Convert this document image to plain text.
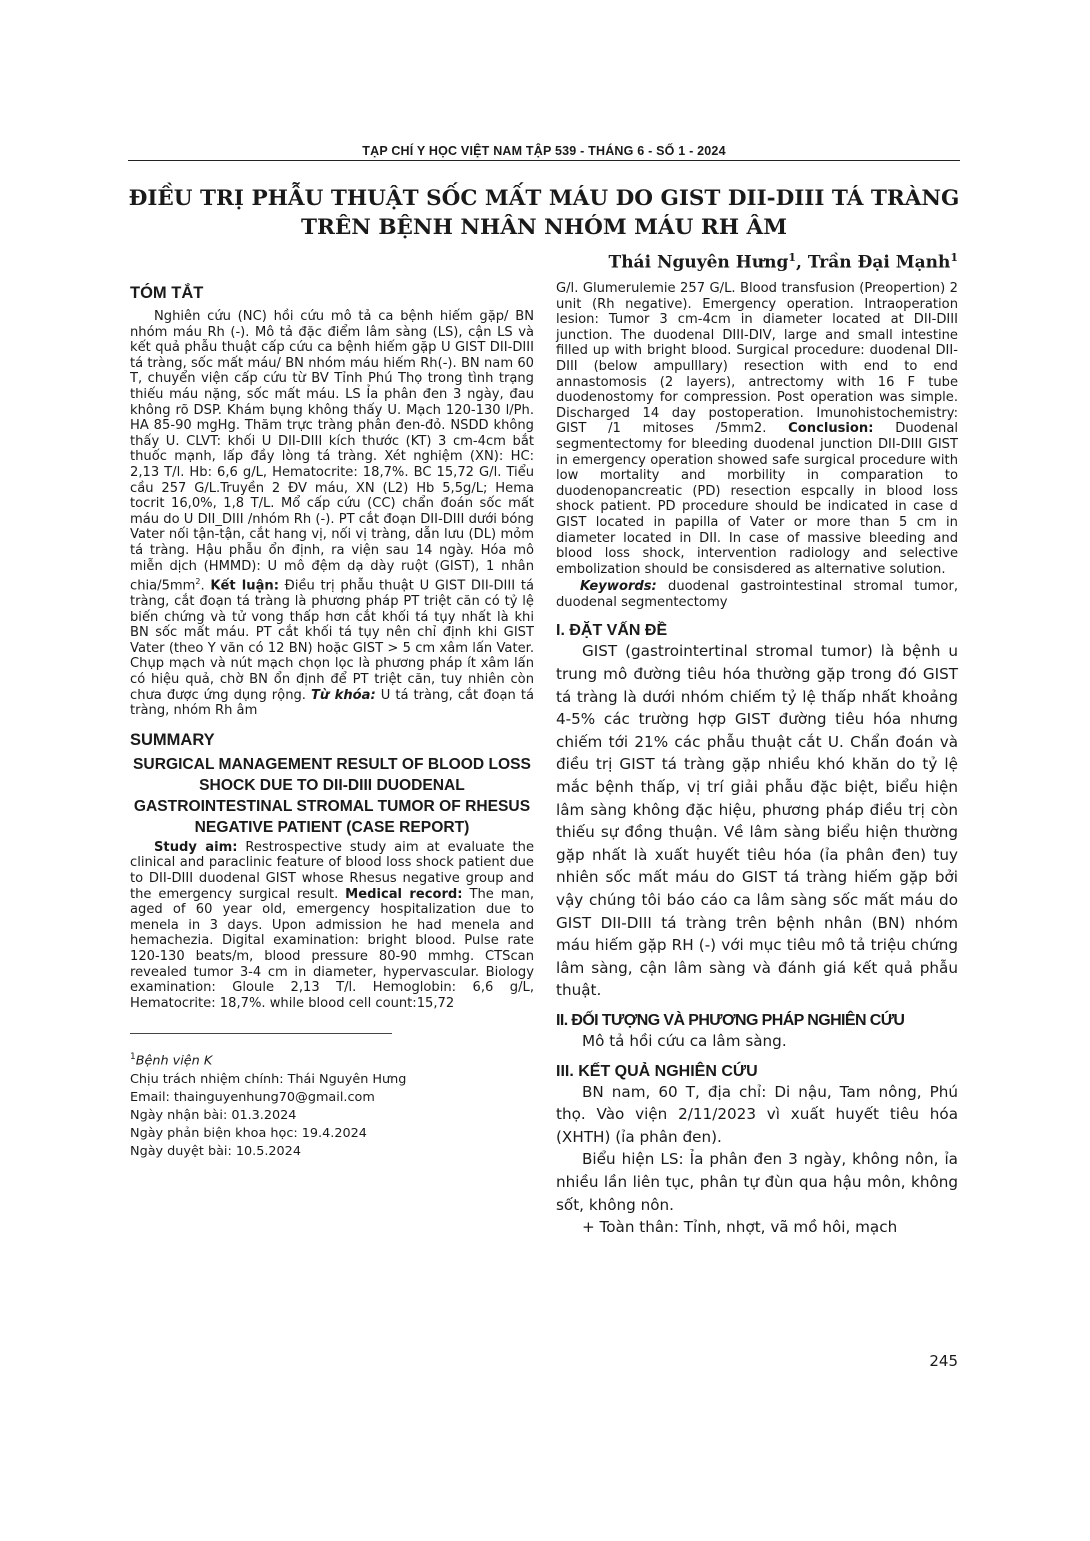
TẠP CHÍ Y HỌC VIỆT NAM TẬP 539 - THÁNG 6 - SỐ 1 - 2024
ĐIỀU TRỊ PHẪU THUẬT SỐC MẤT MÁU DO GIST DII-DIII TÁ TRÀNG
TRÊN BỆNH NHÂN NHÓM MÁU RH ÂM
Thái Nguyên Hưng$^1$, Trần Đại Mạnh$^1$
TÓM TẮT

Nghiên cứu (NC) hồi cứu mô tả ca bệnh hiếm gặp/ BN nhóm máu Rh (-). Mô tả đặc điểm lâm sàng (LS), cận LS và kết quả phẫu thuật cấp cứu ca bệnh hiếm gặp U GIST DII-DIII tá tràng, sốc mất máu/ BN nhóm máu hiếm Rh(-). BN nam 60 T, chuyển viện cấp cứu từ BV Tỉnh Phú Thọ trong tình trạng thiếu máu nặng, sốc mất máu. LS Ỉa phân đen 3 ngày, đau không rõ DSP. Khám bụng không thấy U. Mạch 120-130 l/Ph. HA 85-90 mgHg. Thăm trực tràng phân đen-đỏ. NSDD không thấy U. CLVT: khối U DII-DIII kích thước (KT) 3 cm-4cm bắt thuốc mạnh, lấp đầy lòng tá tràng. Xét nghiệm (XN): HC: 2,13 T/l. Hb: 6,6 g/L, Hematocrite: 18,7%. BC 15,72 G/l. Tiểu cầu 257 G/L.Truyền 2 ĐV máu, XN (L2) Hb 5,5g/L; Hema tocrit 16,0%, 1,8 T/L. Mổ cấp cứu (CC) chẩn đoán sốc mất máu do U DII_DIII /nhóm Rh (-). PT cắt đoạn DII-DIII dưới bóng Vater nối tận-tận, cắt hang vị, nối vị tràng, dẫn lưu (DL) mỏm tá tràng. Hậu phẫu ổn định, ra viện sau 14 ngày. Hóa mô miễn dịch (HMMD): U mô đệm dạ dày ruột (GIST), 1 nhân chia/$5mm^2$. Kết luận: Điều trị phẫu thuật U GIST DII-DIII tá tràng, cắt đoạn tá tràng là phương pháp PT triệt căn có tỷ lệ biến chứng và tử vong thấp hơn cắt khối tá tụy nhất là khi BN sốc mất máu. PT cắt khối tá tụy nên chỉ định khi GIST Vater (theo Y văn có 12 BN) hoặc GIST > 5 cm xâm lấn Vater. Chụp mạch và nút mạch chọn lọc là phương pháp ít xâm lấn có hiệu quả, chờ BN ổn định để PT triệt căn, tuy nhiên còn chưa được ứng dụng rộng. Từ khóa: U tá tràng, cắt đoạn tá tràng, nhóm Rh âm

SUMMARY
SURGICAL MANAGEMENT RESULT OF BLOOD LOSS SHOCK DUE TO DII-DIII DUODENAL GASTROINTESTINAL STROMAL TUMOR OF RHESUS NEGATIVE PATIENT (CASE REPORT)

Study aim: Restrospective study aim at evaluate the clinical and paraclinic feature of blood loss shock patient due to DII-DIII duodenal GIST whose Rhesus negative group and the emergency surgical result. Medical record: The man, aged of 60 year old, emergency hospitalization due to menela in 3 days. Upon admission he had menela and hemachezia. Digital examination: bright blood. Pulse rate 120-130 beats/m, blood pressure 80-90 mmhg. CTScan revealed tumor 3-4 cm in diameter, hypervascular. Biology examination: Gloule 2,13 T/l. Hemoglobin: 6,6 g/L, Hematocrite: 18,7%. while blood cell count:15,72

$^1$Bệnh viện K
Chịu trách nhiệm chính: Thái Nguyên Hưng
Email: thainguyenhung70@gmail.com
Ngày nhận bài: 01.3.2024
Ngày phản biện khoa học: 19.4.2024
Ngày duyệt bài: 10.5.2024

G/l. Glumerulemie 257 G/L. Blood transfusion (Preopertion) 2 unit (Rh negative). Emergency operation. Intraoperation lesion: Tumor 3 cm-4cm in diameter located at DII-DIII junction. The duodenal DIII-DIV, large and small intestine filled up with bright blood. Surgical procedure: duodenal DII-DIII (below ampulllary) resection with end to end annastomosis (2 layers), antrectomy with 16 F tube duodenostomy for compression. Post operation was simple. Discharged 14 day postoperation. Imunohistochemistry: GIST /1 mitoses /5mm2. Conclusion: Duodenal segmentectomy for bleeding duodenal junction DII-DIII GIST in emergency operation showed safe surgical procedure with low mortality and morbility in comparation to duodenopancreatic (PD) resection espcally in blood loss shock patient. PD procedure should be indicated in case d GIST located in papilla of Vater or more than 5 cm in diameter located in DII. In case of massive bleeding and blood loss shock, intervention radiology and selective embolization should be consisdered as alternative solution.

Keywords: duodenal gastrointestinal stromal tumor, duodenal segmentectomy

I. ĐẶT VẤN ĐỀ

GIST (gastrointertinal stromal tumor) là bệnh u trung mô đường tiêu hóa thường gặp trong đó GIST tá tràng là dưới nhóm chiếm tỷ lệ thấp nhất khoảng 4-5% các trường hợp GIST đường tiêu hóa nhưng chiếm tới 21% các phẫu thuật cắt U. Chẩn đoán và điều trị GIST tá tràng gặp nhiều khó khăn do tỷ lệ mắc bệnh thấp, vị trí giải phẫu đặc biệt, biểu hiện lâm sàng không đặc hiệu, phương pháp điều trị còn thiếu sự đồng thuận. Về lâm sàng biểu hiện thường gặp nhất là xuất huyết tiêu hóa (ỉa phân đen) tuy nhiên sốc mất máu do GIST tá tràng hiếm gặp bởi vậy chúng tôi báo cáo ca lâm sàng sốc mất máu do GIST DII-DIII tá tràng trên bệnh nhân (BN) nhóm máu hiếm gặp RH (-) với mục tiêu mô tả triệu chứng lâm sàng, cận lâm sàng và đánh giá kết quả phẫu thuật.

II. ĐỐI TƯỢNG VÀ PHƯƠNG PHÁP NGHIÊN CỨU

Mô tả hồi cứu ca lâm sàng.

III. KẾT QUẢ NGHIÊN CỨU

BN nam, 60 T, địa chỉ: Di nậu, Tam nông, Phú thọ. Vào viện 2/11/2023 vì xuất huyết tiêu hóa (XHTH) (ỉa phân đen).

Biểu hiện LS: Ỉa phân đen 3 ngày, không nôn, ỉa nhiều lần liên tục, phân tự đùn qua hậu môn, không sốt, không nôn.

+ Toàn thân: Tỉnh, nhợt, vã mồ hôi, mạch

245
